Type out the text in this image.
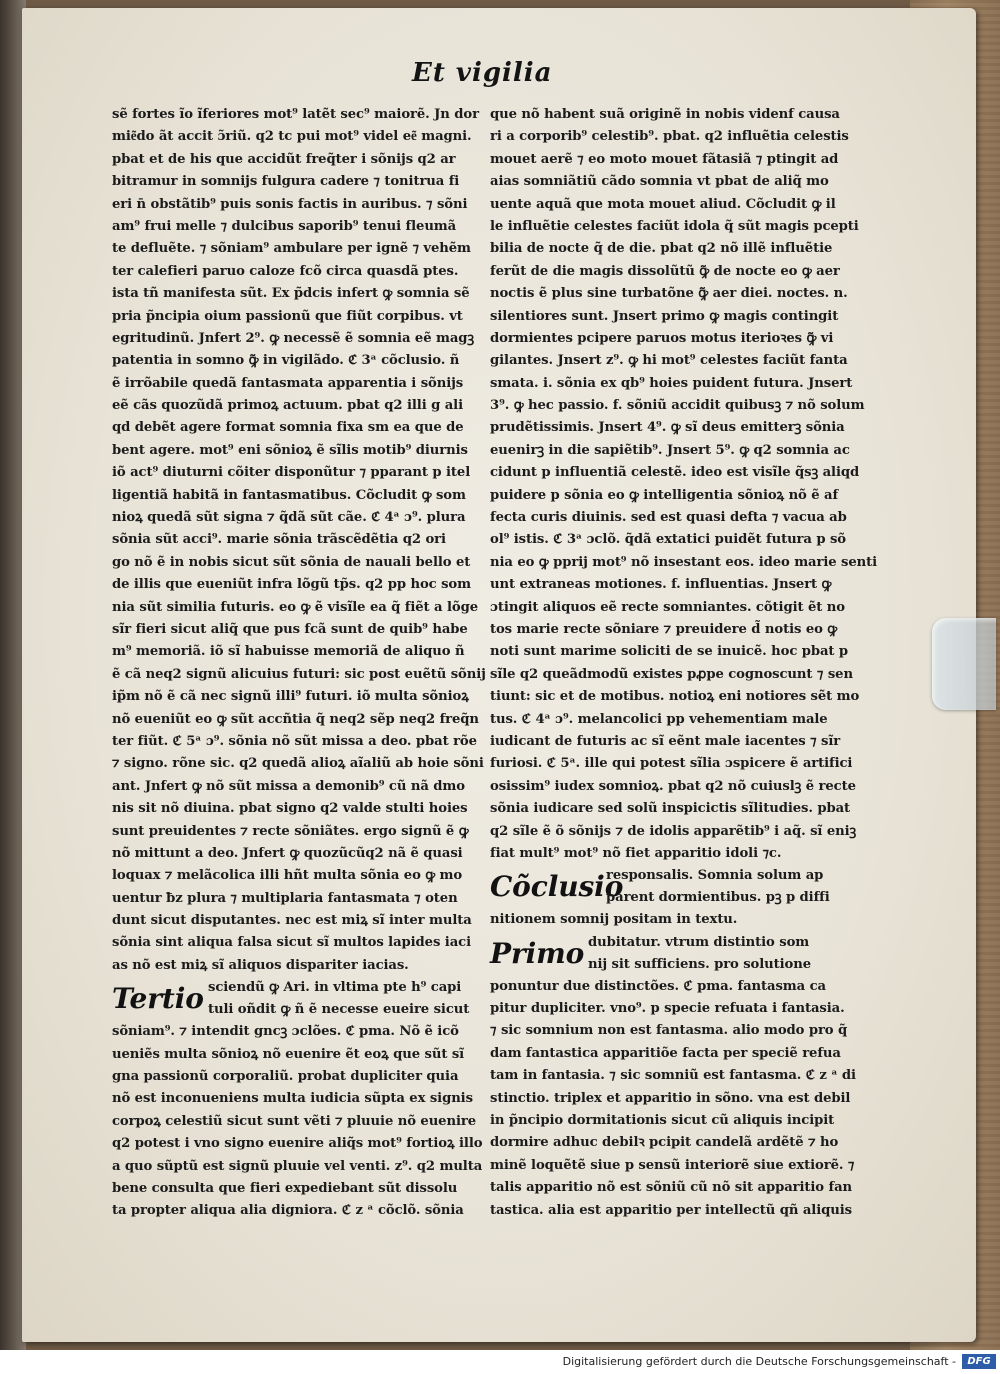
Et vigilia
sẽ fortes ĩo ĩferiores mot⁹ latẽt sec⁹ maiorẽ. Jn dor
mie͂do ãt accit ɔ̃riũ. q2 tc pui mot⁹ videl ee͂ magni.
pbat et de his que accidũt freq̃ter i sõnijs q2 ar
bitramur in somnijs fulgura cadere ⁊ tonitrua fi
eri n̄ obstãtib⁹ puis sonis factis in auribus. ⁊ sõni
am⁹ frui melle ⁊ dulcibus saporib⁹ tenui fleumã
te defluẽte. ⁊ sõniam⁹ ambulare per ignẽ ⁊ vehẽm
ter calefieri paruo caloze fcõ circa quasdã ptes.
ista tñ manifesta sũt. Ex p̃dcis infert ꝙ somnia sẽ
pria p̃ncipia oium passionũ que fiũt corpibus. vt
egritudinũ. Jnfert 2⁹. ꝙ necessẽ ẽ somnia eẽ magꝫ
patentia in somno ꝙ̃ in vigilãdo. ℭ 3ᵃ cõclusio. ñ
ẽ irrõabile quedã fantasmata apparentia i sõnijs
eẽ cãs quozũdã primoꝝ actuum. pbat q2 illi g ali
qd debẽt agere format somnia fixa sm ea que de
bent agere. mot⁹ eni sõnioꝝ ẽ sĩlis motib⁹ diurnis
iõ act⁹ diuturni cõiter disponũtur ⁊ pparant p itel
ligentiã habitã in fantasmatibus. Cõcludit ꝙ som
nioꝝ quedã sũt signa ⁊ q̃dã sũt cãe. ℭ 4ᵃ ɔ⁹. plura
sõnia sũt acci⁹. marie sõnia trãscẽdẽtia q2 ori
go nõ ẽ in nobis sicut sũt sõnia de nauali bello et
de illis que eueniũt infra lõgũ tp̃s. q2 pp hoc som
nia sũt similia futuris. eo ꝙ ẽ visĩle ea q̃ fiẽt a lõge
sĩr fieri sicut aliq̃ que pus fcã sunt de quib⁹ habe
m⁹ memoriã. iõ sĩ habuisse memoriã de aliquo ñ
ẽ cã neq2 signũ alicuius futuri: sic post euẽtũ sõnij
ip̃m nõ ẽ cã nec signũ illi⁹ futuri. iõ multa sõnioꝝ
nõ eueniũt eo ꝙ sũt accñtia q̃ neq2 sẽp neq2 freq̃n
ter fiũt. ℭ 5ᵃ ɔ⁹. sõnia nõ sũt missa a deo. pbat rõe
⁊ signo. rõne sic. q2 quedã alioꝝ aĩaliũ ab hoie sõni
ant. Jnfert ꝙ nõ sũt missa a demonib⁹ cũ nã dmo
nis sit nõ diuina. pbat signo q2 valde stulti hoies
sunt preuidentes ⁊ recte sõniãtes. ergo signũ ẽ ꝙ
nõ mittunt a deo. Jnfert ꝙ quozũcũq2 nã ẽ quasi
loquax ⁊ melãcolica illi hñt multa sõnia eo ꝙ mo
uentur ƀz plura ⁊ multiplaria fantasmata ⁊ oten
dunt sicut disputantes. nec est miꝝ sĩ inter multa
sõnia sint aliqua falsa sicut sĩ multos lapides iaci
as nõ est miꝝ sĩ aliquos dispariter iacias.
Tertio sciendũ ꝙ Ari. in vltima pte h⁹ capi
tuli oñdit ꝙ ñ ẽ necesse eueire sicut
sõniam⁹. ⁊ intendit gncꝫ ɔclões. ℭ pma. Nõ ẽ icõ
ueniẽs multa sõnioꝝ nõ euenire ẽt eoꝝ que sũt sĩ
gna passionũ corporaliũ. probat dupliciter quia
nõ est inconueniens multa iudicia sũpta ex signis
corpoꝝ celestiũ sicut sunt vẽti ⁊ pluuie nõ euenire
q2 potest i vno signo euenire aliq̃s mot⁹ fortioꝝ illo
a quo sũptũ est signũ pluuie vel venti. z⁹. q2 multa
bene consulta que fieri expediebant sũt dissolu
ta propter aliqua alia digniora. ℭ z ᵃ cõclõ. sõnia
que nõ habent suã originẽ in nobis videnf causa
ri a corporib⁹ celestib⁹. pbat. q2 influẽtia celestis
mouet aerẽ ⁊ eo moto mouet fãtasiã ⁊ ptingit ad
aias somniãtiũ cãdo somnia vt pbat de aliq̃ mo
uente aquã que mota mouet aliud. Cõcludit ꝙ il
le influẽtie celestes faciũt idola q̃ sũt magis pcepti
bilia de nocte q̃ de die. pbat q2 nõ illẽ influẽtie
ferũt de die magis dissolũtũ ꝙ̃ de nocte eo ꝙ aer
noctis ẽ plus sine turbatõne ꝙ̃ aer diei. noctes. n.
silentiores sunt. Jnsert primo ꝙ magis contingit
dormientes pcipere paruos motus iterioꝛes ꝙ̃ vi
gilantes. Jnsert z⁹. ꝙ hi mot⁹ celestes faciũt fanta
smata. i. sõnia ex qb⁹ hoies puident futura. Jnsert
3⁹. ꝙ hec passio. f. sõniũ accidit quibusꝫ ⁊ nõ solum
prudẽtissimis. Jnsert 4⁹. ꝙ sĩ deus emitterꝫ sõnia
euenirꝫ in die sapiẽtib⁹. Jnsert 5⁹. ꝙ q2 somnia ac
cidunt p influentiã celestẽ. ideo est visĩle q̃sꝫ aliqd
puidere p sõnia eo ꝙ intelligentia sõnioꝝ nõ ẽ af
fecta curis diuinis. sed est quasi defta ⁊ vacua ab
ol⁹ istis. ℭ 3ᵃ ɔclõ. q̃dã extatici puidẽt futura p sõ
nia eo ꝙ pprij mot⁹ nõ insestant eos. ideo marie senti
unt extraneas motiones. f. influentias. Jnsert ꝙ
ɔtingit aliquos eẽ recte somniantes. cõtigit ẽt no
tos marie recte sõniare ⁊ preuidere d̃ notis eo ꝙ
noti sunt marime soliciti de se inuicẽ. hoc pbat p
sĩle q2 queãdmodũ existes pꝓpe cognoscunt ⁊ sen
tiunt: sic et de motibus. notioꝝ eni notiores sẽt mo
tus. ℭ 4ᵃ ɔ⁹. melancolici pp vehementiam male
iudicant de futuris ac sĩ eẽnt male iacentes ⁊ sĩr
furiosi. ℭ 5ᵃ. ille qui potest sĩlia ɔspicere ẽ artifici
osissim⁹ iudex somnioꝝ. pbat q2 nõ cuiuslꝫ ẽ recte
sõnia iudicare sed solũ inspicictis sĩlitudies. pbat
q2 sĩle ẽ õ sõnijs ⁊ de idolis apparẽtib⁹ i aq̃. sĩ eniꝫ
fiat mult⁹ mot⁹ nõ fiet apparitio idoli ⁊c.
Cõclusio
responsalis. Somnia solum ap
parent dormientibus. pꝫ p diffi
nitionem somnij positam in textu.
Primo dubitatur. vtrum distintio som
nij sit sufficiens. pro solutione
ponuntur due distinctões. ℭ pma. fantasma ca
pitur dupliciter. vno⁹. p specie refuata i fantasia.
⁊ sic somnium non est fantasma. alio modo pro q̃
dam fantastica apparitiõe facta per speciẽ refua
tam in fantasia. ⁊ sic somniũ est fantasma. ℭ z ᵃ di
stinctio. triplex et apparitio in sõno. vna est debil
in p̃ncipio dormitationis sicut cũ aliquis incipit
dormire adhuc debilꝛ pcipit candelã ardẽtẽ ⁊ ho
minẽ loquẽtẽ siue p sensũ interiorẽ siue extiorẽ. ⁊
talis apparitio nõ est sõniũ cũ nõ sit apparitio fan
tastica. alia est apparitio per intellectũ qñ aliquis
Digitalisierung gefördert durch die Deutsche Forschungsgemeinschaft -	DFG
